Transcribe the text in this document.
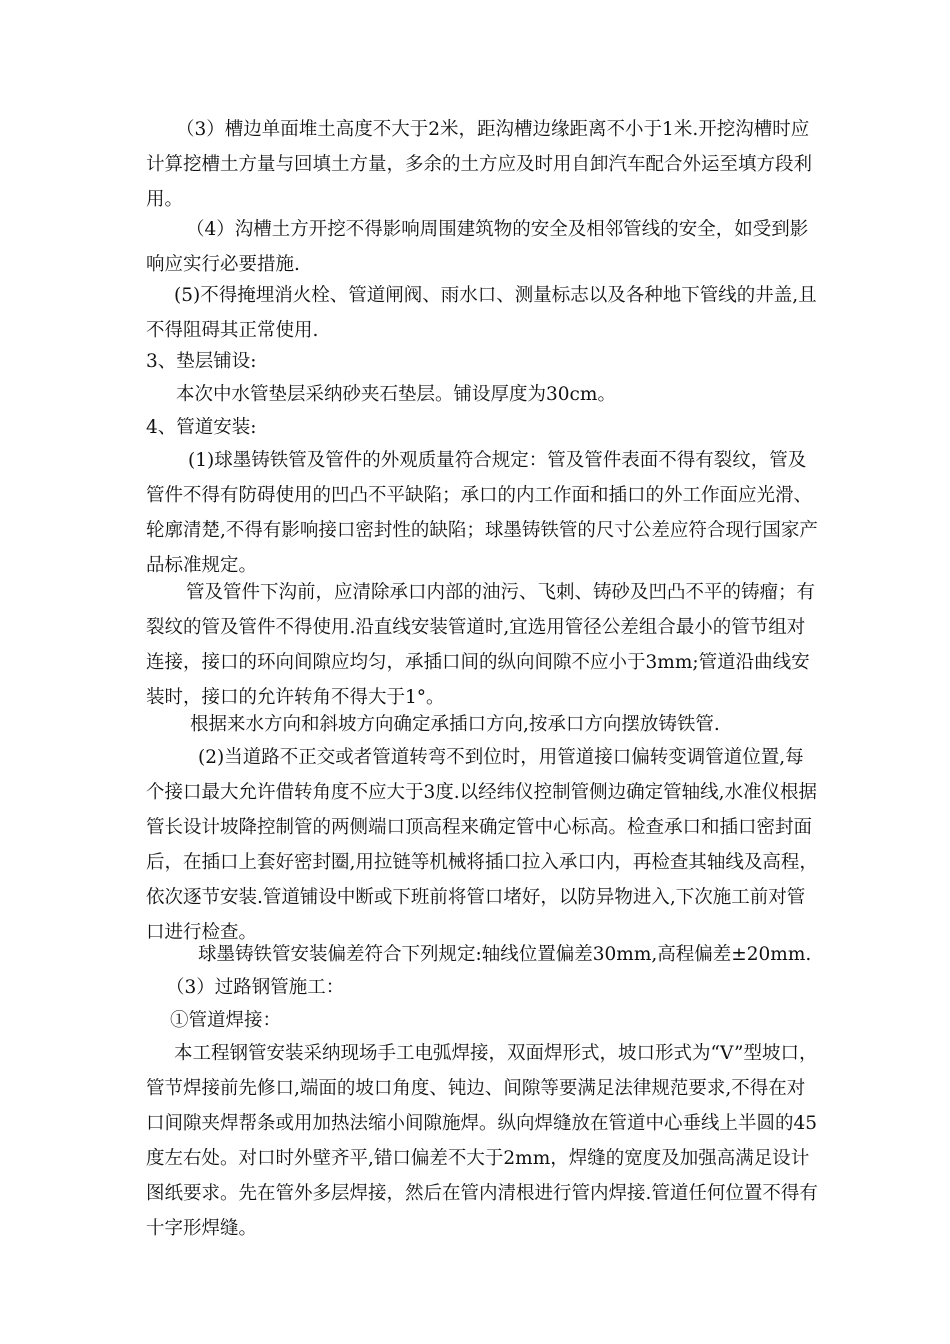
（3）槽边单面堆土高度不大于2米，距沟槽边缘距离不小于1米.开挖沟槽时应计算挖槽土方量与回填土方量，多余的土方应及时用自卸汽车配合外运至填方段利用。

（4）沟槽土方开挖不得影响周围建筑物的安全及相邻管线的安全，如受到影响应实行必要措施.

(5)不得掩埋消火栓、管道闸阀、雨水口、测量标志以及各种地下管线的井盖,且不得阻碍其正常使用.

3、垫层铺设:

本次中水管垫层采纳砂夹石垫层。铺设厚度为30cm。

4、管道安装:

(1)球墨铸铁管及管件的外观质量符合规定：管及管件表面不得有裂纹，管及管件不得有防碍使用的凹凸不平缺陷；承口的内工作面和插口的外工作面应光滑、轮廓清楚,不得有影响接口密封性的缺陷；球墨铸铁管的尺寸公差应符合现行国家产品标准规定。

管及管件下沟前，应清除承口内部的油污、飞刺、铸砂及凹凸不平的铸瘤；有裂纹的管及管件不得使用.沿直线安装管道时,宜选用管径公差组合最小的管节组对连接，接口的环向间隙应均匀，承插口间的纵向间隙不应小于3mm;管道沿曲线安装时，接口的允许转角不得大于1°。

根据来水方向和斜坡方向确定承插口方向,按承口方向摆放铸铁管.

(2)当道路不正交或者管道转弯不到位时，用管道接口偏转变调管道位置,每个接口最大允许借转角度不应大于3度.以经纬仪控制管侧边确定管轴线,水准仪根据管长设计坡降控制管的两侧端口顶高程来确定管中心标高。检查承口和插口密封面后，在插口上套好密封圈,用拉链等机械将插口拉入承口内，再检查其轴线及高程，依次逐节安装.管道铺设中断或下班前将管口堵好，以防异物进入,下次施工前对管口进行检查。

球墨铸铁管安装偏差符合下列规定:轴线位置偏差30mm,高程偏差±20mm.

（3）过路钢管施工：

①管道焊接：

本工程钢管安装采纳现场手工电弧焊接，双面焊形式，坡口形式为“V”型坡口，管节焊接前先修口,端面的坡口角度、钝边、间隙等要满足法律规范要求,不得在对口间隙夹焊帮条或用加热法缩小间隙施焊。纵向焊缝放在管道中心垂线上半圆的45度左右处。对口时外壁齐平,错口偏差不大于2mm，焊缝的宽度及加强高满足设计图纸要求。先在管外多层焊接，然后在管内清根进行管内焊接.管道任何位置不得有十字形焊缝。
